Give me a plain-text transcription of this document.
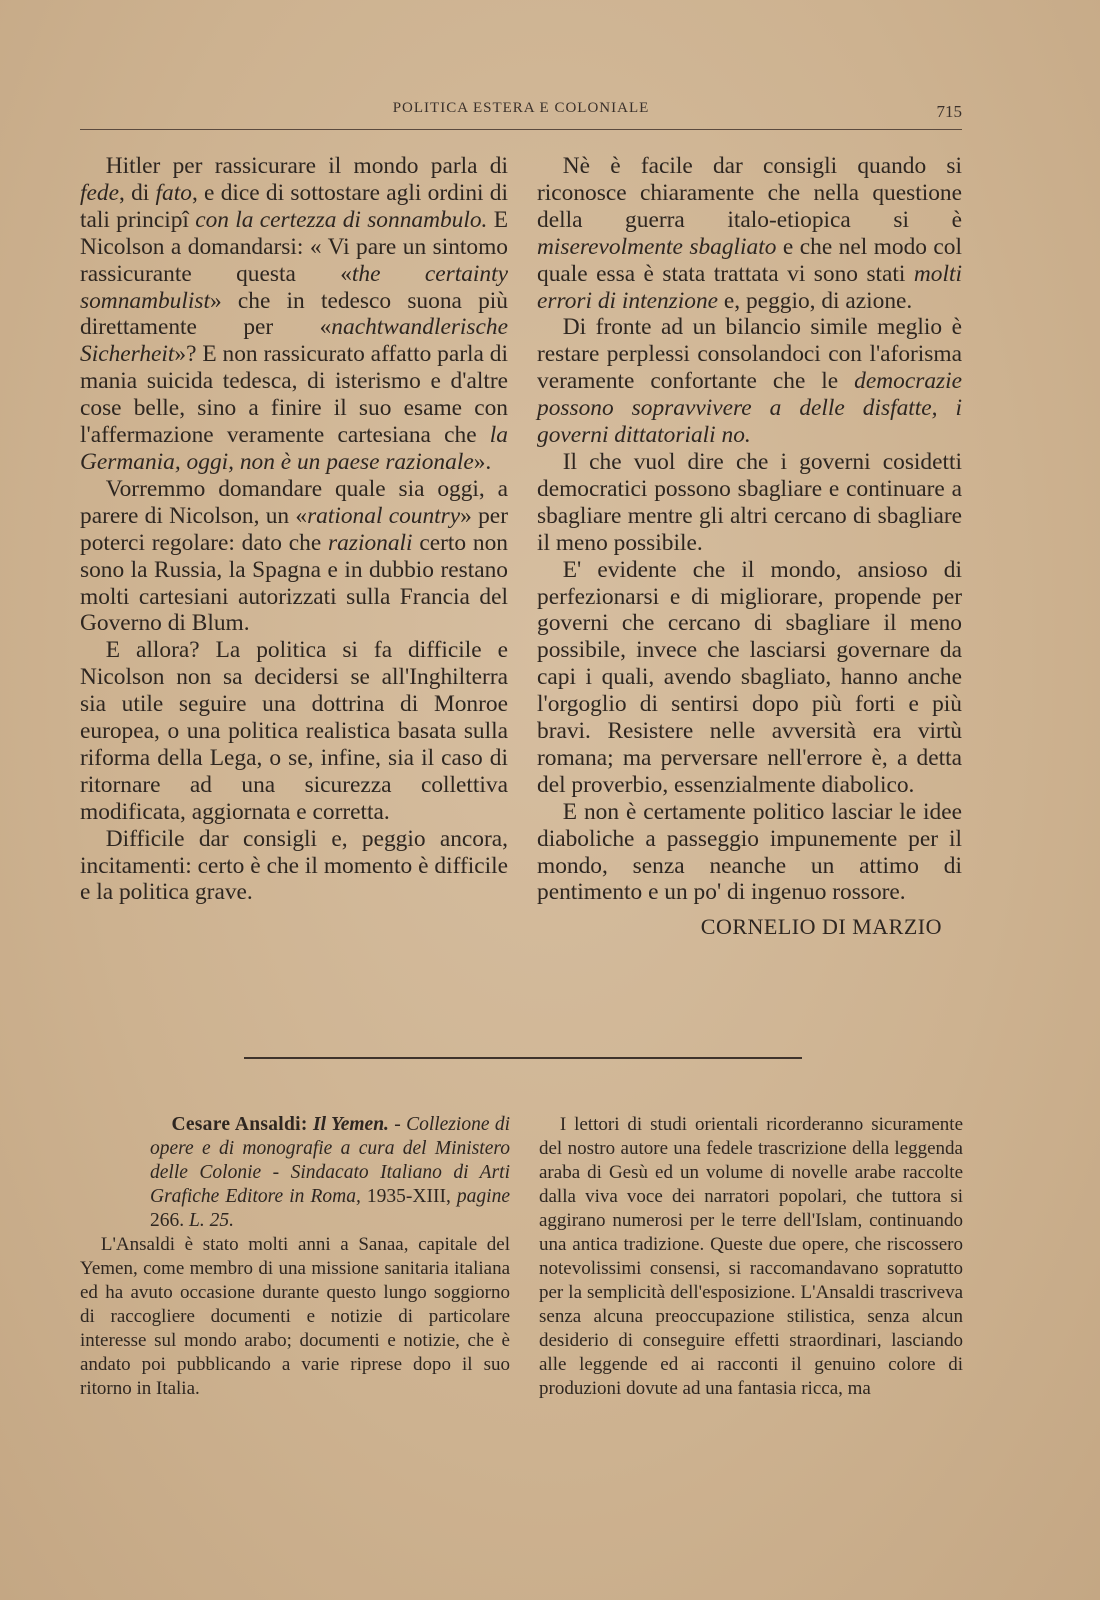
POLITICA ESTERA E COLONIALE	715

Hitler per rassicurare il mondo parla di fede, di fato, e dice di sottostare agli ordini di tali principî con la certezza di sonnambulo. E Nicolson a domandarsi: « Vi pare un sintomo rassicurante questa «the certainty somnambulist» che in tedesco suona più direttamente per «nachtwandlerische Sicherheit»? E non rassicurato affatto parla di mania suicida tedesca, di isterismo e d'altre cose belle, sino a finire il suo esame con l'affermazione veramente cartesiana che la Germania, oggi, non è un paese razionale».

Vorremmo domandare quale sia oggi, a parere di Nicolson, un «rational country» per poterci regolare: dato che razionali certo non sono la Russia, la Spagna e in dubbio restano molti cartesiani autorizzati sulla Francia del Governo di Blum.

E allora? La politica si fa difficile e Nicolson non sa decidersi se all'Inghilterra sia utile seguire una dottrina di Monroe europea, o una politica realistica basata sulla riforma della Lega, o se, infine, sia il caso di ritornare ad una sicurezza collettiva modificata, aggiornata e corretta.

Difficile dar consigli e, peggio ancora, incitamenti: certo è che il momento è difficile e la politica grave.

Nè è facile dar consigli quando si riconosce chiaramente che nella questione della guerra italo-etiopica si è miserevolmente sbagliato e che nel modo col quale essa è stata trattata vi sono stati molti errori di intenzione e, peggio, di azione.

Di fronte ad un bilancio simile meglio è restare perplessi consolandoci con l'aforisma veramente confortante che le democrazie possono sopravvivere a delle disfatte, i governi dittatoriali no.

Il che vuol dire che i governi cosidetti democratici possono sbagliare e continuare a sbagliare mentre gli altri cercano di sbagliare il meno possibile.

E' evidente che il mondo, ansioso di perfezionarsi e di migliorare, propende per governi che cercano di sbagliare il meno possibile, invece che lasciarsi governare da capi i quali, avendo sbagliato, hanno anche l'orgoglio di sentirsi dopo più forti e più bravi. Resistere nelle avversità era virtù romana; ma perversare nell'errore è, a detta del proverbio, essenzialmente diabolico.

E non è certamente politico lasciar le idee diaboliche a passeggio impunemente per il mondo, senza neanche un attimo di pentimento e un po' di ingenuo rossore.

CORNELIO DI MARZIO

Cesare Ansaldi: Il Yemen. - Collezione di opere e di monografie a cura del Ministero delle Colonie - Sindacato Italiano di Arti Grafiche Editore in Roma, 1935-XIII, pagine 266. L. 25.

L'Ansaldi è stato molti anni a Sanaa, capitale del Yemen, come membro di una missione sanitaria italiana ed ha avuto occasione durante questo lungo soggiorno di raccogliere documenti e notizie di particolare interesse sul mondo arabo; documenti e notizie, che è andato poi pubblicando a varie riprese dopo il suo ritorno in Italia.

I lettori di studi orientali ricorderanno sicuramente del nostro autore una fedele trascrizione della leggenda araba di Gesù ed un volume di novelle arabe raccolte dalla viva voce dei narratori popolari, che tuttora si aggirano numerosi per le terre dell'Islam, continuando una antica tradizione. Queste due opere, che riscossero notevolissimi consensi, si raccomandavano sopratutto per la semplicità dell'esposizione. L'Ansaldi trascriveva senza alcuna preoccupazione stilistica, senza alcun desiderio di conseguire effetti straordinari, lasciando alle leggende ed ai racconti il genuino colore di produzioni dovute ad una fantasia ricca, ma
